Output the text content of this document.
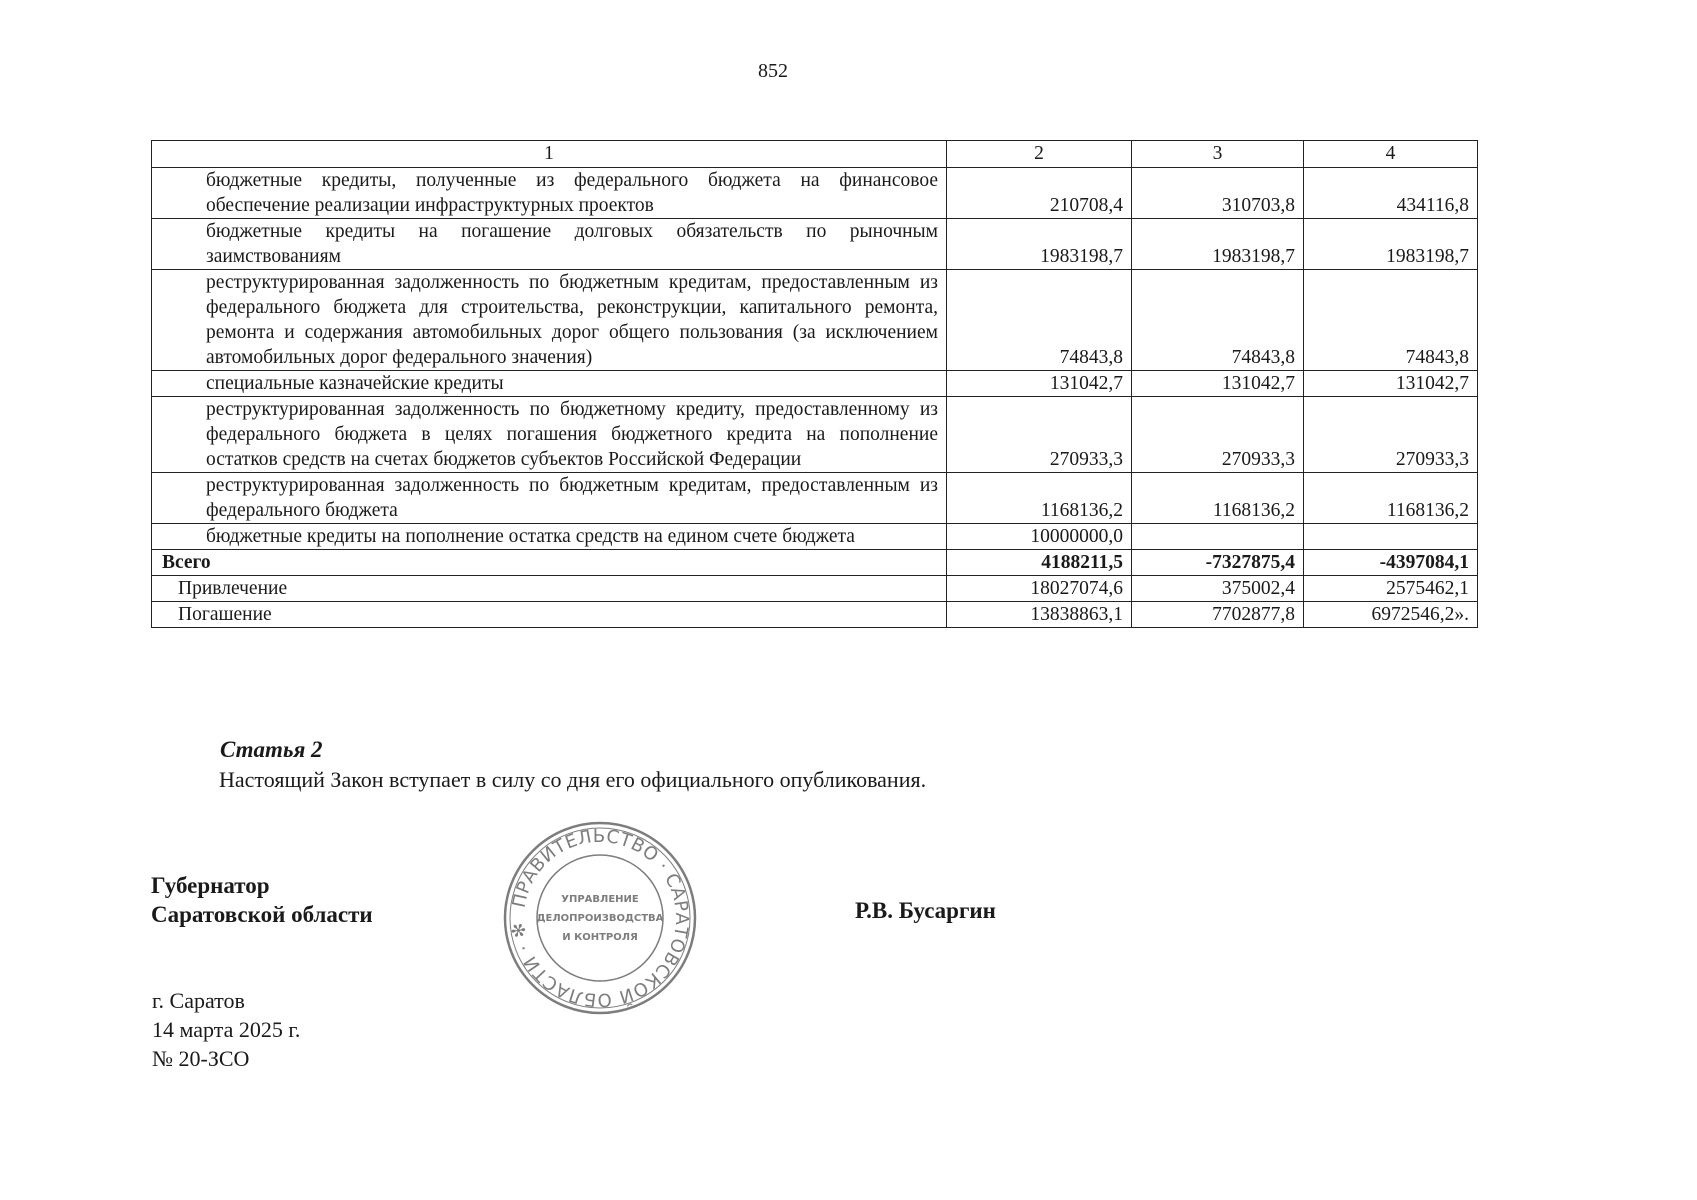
852
1	2	3	4
бюджетные кредиты, полученные из федерального бюджета на финансовое обеспечение реализации инфраструктурных проектов	210708,4	310703,8	434116,8
бюджетные кредиты на погашение долговых обязательств по рыночным заимствованиям	1983198,7	1983198,7	1983198,7
реструктурированная задолженность по бюджетным кредитам, предоставленным из федерального бюджета для строительства, реконструкции, капитального ремонта, ремонта и содержания автомобильных дорог общего пользования (за исключением автомобильных дорог федерального значения)	74843,8	74843,8	74843,8
специальные казначейские кредиты	131042,7	131042,7	131042,7
реструктурированная задолженность по бюджетному кредиту, предоставленному из федерального бюджета в целях погашения бюджетного кредита на пополнение остатков средств на счетах бюджетов субъектов Российской Федерации	270933,3	270933,3	270933,3
реструктурированная задолженность по бюджетным кредитам, предоставленным из федерального бюджета	1168136,2	1168136,2	1168136,2
бюджетные кредиты на пополнение остатка средств на едином счете бюджета	10000000,0		
Всего	4188211,5	-7327875,4	-4397084,1
Привлечение	18027074,6	375002,4	2575462,1
Погашение	13838863,1	7702877,8	6972546,2».
Статья 2
Настоящий Закон вступает в силу со дня его официального опубликования.
Губернатор
Саратовской области	Р.В. Бусаргин
г. Саратов
14 марта 2025 г.
№ 20-ЗСО
ПРАВИТЕЛЬСТВО · САРАТОВСКОЙ ОБЛАСТИ · ✻
УПРАВЛЕНИЕ
ДЕЛОПРОИЗВОДСТВА
И КОНТРОЛЯ
